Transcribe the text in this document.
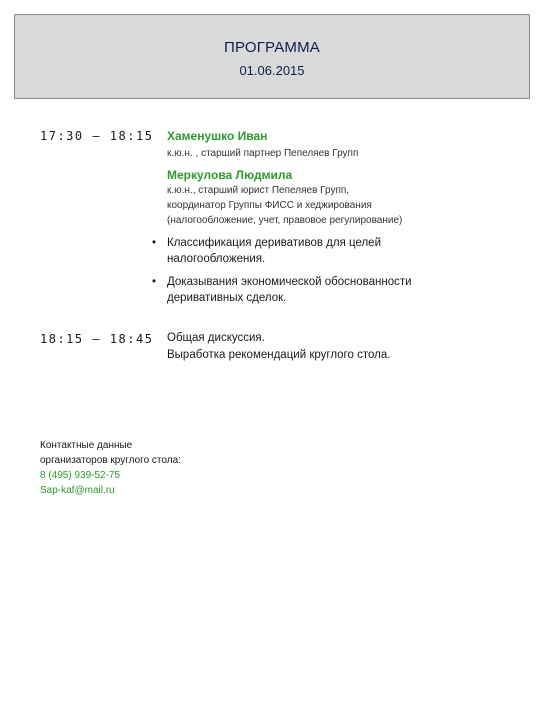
ПРОГРАММА
01.06.2015
17:30 – 18:15 Хаменушко Иван
к.ю.н. , старший партнер Пепеляев Групп
Меркулова Людмила
к.ю.н., старший юрист Пепеляев Групп,
координатор Группы ФИСС и хеджирования
(налогообложение, учет, правовое регулирование)
• Классификация деривативов для целей
налогообложения.
• Доказывания экономической обоснованности
деривативных сделок.
18:15 – 18:45 Общая дискуссия.
Выработка рекомендаций круглого стола.
Контактные данные
организаторов круглого стола:
8 (495) 939-52-75
Sap-kaf@mail.ru
